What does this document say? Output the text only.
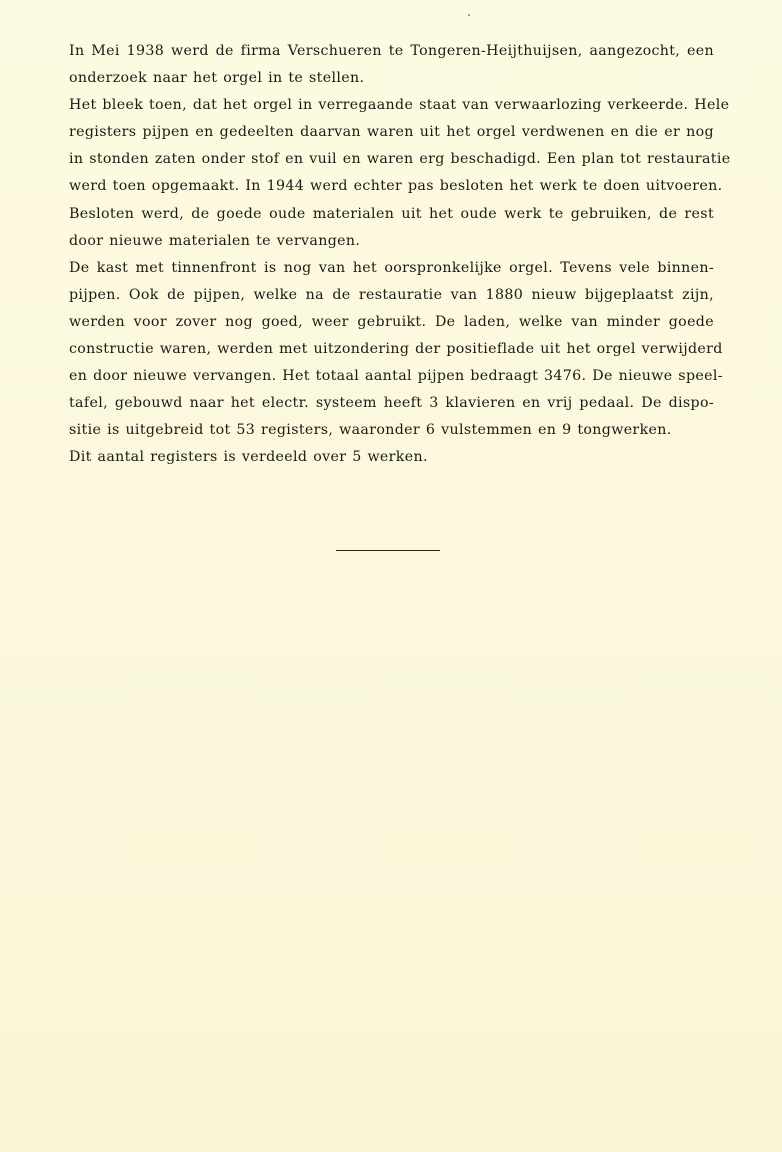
In Mei 1938 werd de firma Verschueren te Tongeren-Heijthuijsen, aangezocht, een
onderzoek naar het orgel in te stellen.
Het bleek toen, dat het orgel in verregaande staat van verwaarlozing verkeerde. Hele
registers pijpen en gedeelten daarvan waren uit het orgel verdwenen en die er nog
in stonden zaten onder stof en vuil en waren erg beschadigd. Een plan tot restauratie
werd toen opgemaakt. In 1944 werd echter pas besloten het werk te doen uitvoeren.
Besloten werd, de goede oude materialen uit het oude werk te gebruiken, de rest
door nieuwe materialen te vervangen.
De kast met tinnenfront is nog van het oorspronkelijke orgel. Tevens vele binnen-
pijpen. Ook de pijpen, welke na de restauratie van 1880 nieuw bijgeplaatst zijn,
werden voor zover nog goed, weer gebruikt. De laden, welke van minder goede
constructie waren, werden met uitzondering der positieflade uit het orgel verwijderd
en door nieuwe vervangen. Het totaal aantal pijpen bedraagt 3476. De nieuwe speel-
tafel, gebouwd naar het electr. systeem heeft 3 klavieren en vrij pedaal. De dispo-
sitie is uitgebreid tot 53 registers, waaronder 6 vulstemmen en 9 tongwerken.
Dit aantal registers is verdeeld over 5 werken.
